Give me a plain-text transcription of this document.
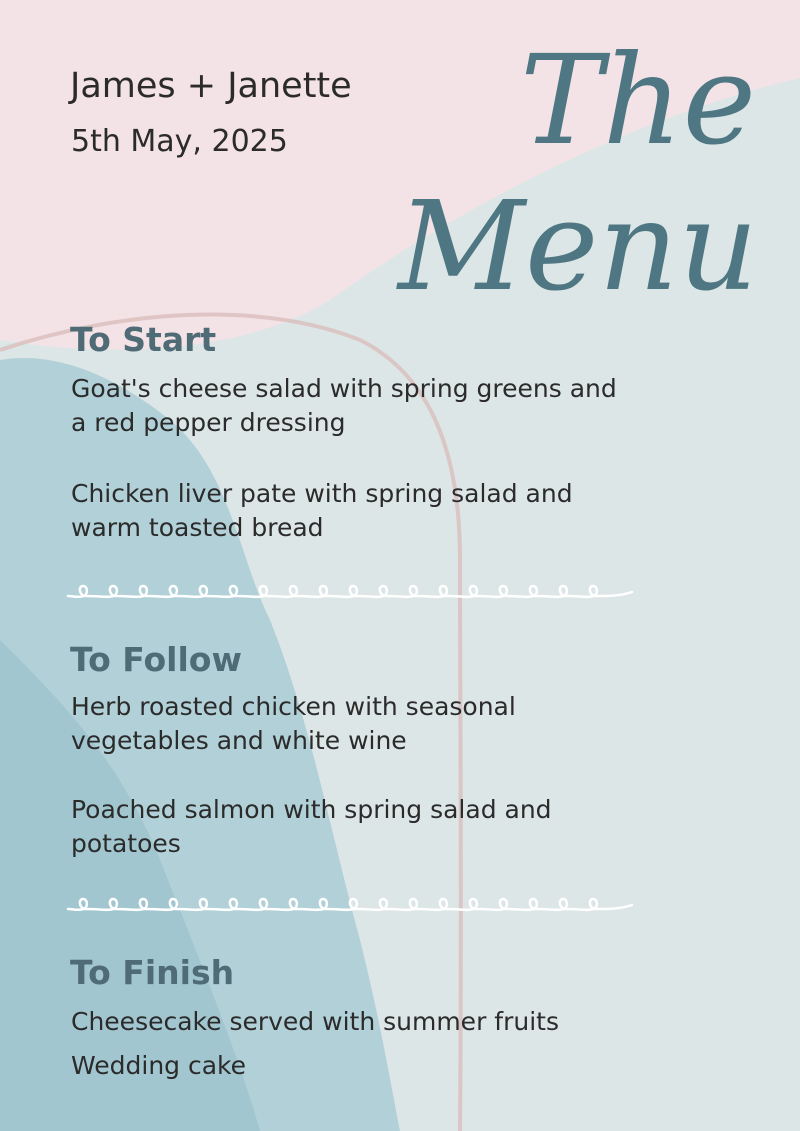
James + Janette
5th May, 2025 The
Menu
To Start
Goat's cheese salad with spring greens and a red pepper dressing
Chicken liver pate with spring salad and warm toasted bread
To Follow
Herb roasted chicken with seasonal vegetables and white wine
Poached salmon with spring salad and potatoes
To Finish
Cheesecake served with summer fruits
Wedding cake
